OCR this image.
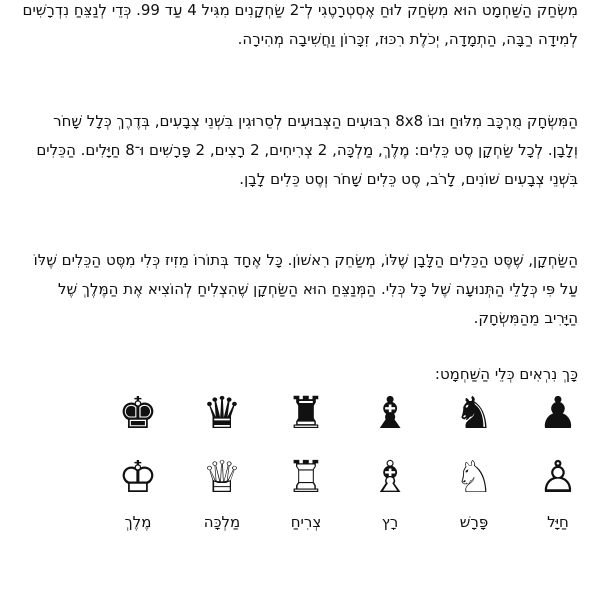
מִשְׂחַק הַשַּׁחְמָט הוּא מִשְׂחַק לוּחַ אֶסְטְרָטֶגִי לְ־2 שַׂחְקָנִים מִגִּיל 4 עַד 99. כְּדֵי לְנַצֵּחַ נִדְרָשִׁים לְמִידָה רַבָּה, הַתְמָדָה, יְכֹלֶת רִכּוּז, זִכָּרוֹן וַחֲשִׁיבָה מְהִירָה.

הַמִּשְׂחָק מֻרְכָּב מִלּוּחַ וּבוֹ 8x8 רִבּוּעִים הַצְּבוּעִים לְסֵרוּגִין בִּשְׁנֵי צְבָעִים, בְּדֶרֶךְ כְּלָל שָׁחֹר וְלָבָן. לְכָל שַׂחְקָן סֶט כֵּלִים: מֶלֶךְ, מַלְכָּה, 2 צְרִיחִים, 2 רָצִים, 2 פָּרָשִׁים וּ־8 חַיָּלִים. הַכֵּלִים בִּשְׁנֵי צְבָעִים שׁוֹנִים, לָרֹב, סֶט כֵּלִים שָׁחֹר וְסֶט כֵּלִים לָבָן.

הַשַּׂחְקָן, שֶׁסֶּט הַכֵּלִים הַלָּבָן שֶׁלּוֹ, מְשַׂחֵק רִאשׁוֹן. כָּל אֶחָד בְּתוֹרוֹ מֵזִיז כְּלִי מִסֶּט הַכֵּלִים שֶׁלּוֹ עַל פִּי כְּלָלֵי הַתְּנוּעָה שֶׁל כָּל כְּלִי. הַמְּנַצֵּחַ הוּא הַשַּׂחְקָן שֶׁהִצְלִיחַ לְהוֹצִיא אֶת הַמֶּלֶךְ שֶׁל הַיָּרִיב מֵהַמִּשְׂחָק.

כָּךְ נִרְאִים כְּלֵי הַשַּׁחְמָט:

♟
♞
♝
♜
♛
♚
♙
♘
♗
♖
♕
♔
חַיָּל
פָּרָשׁ
רָץ
צְרִיחַ
מַלְכָּה
מֶלֶךְ
